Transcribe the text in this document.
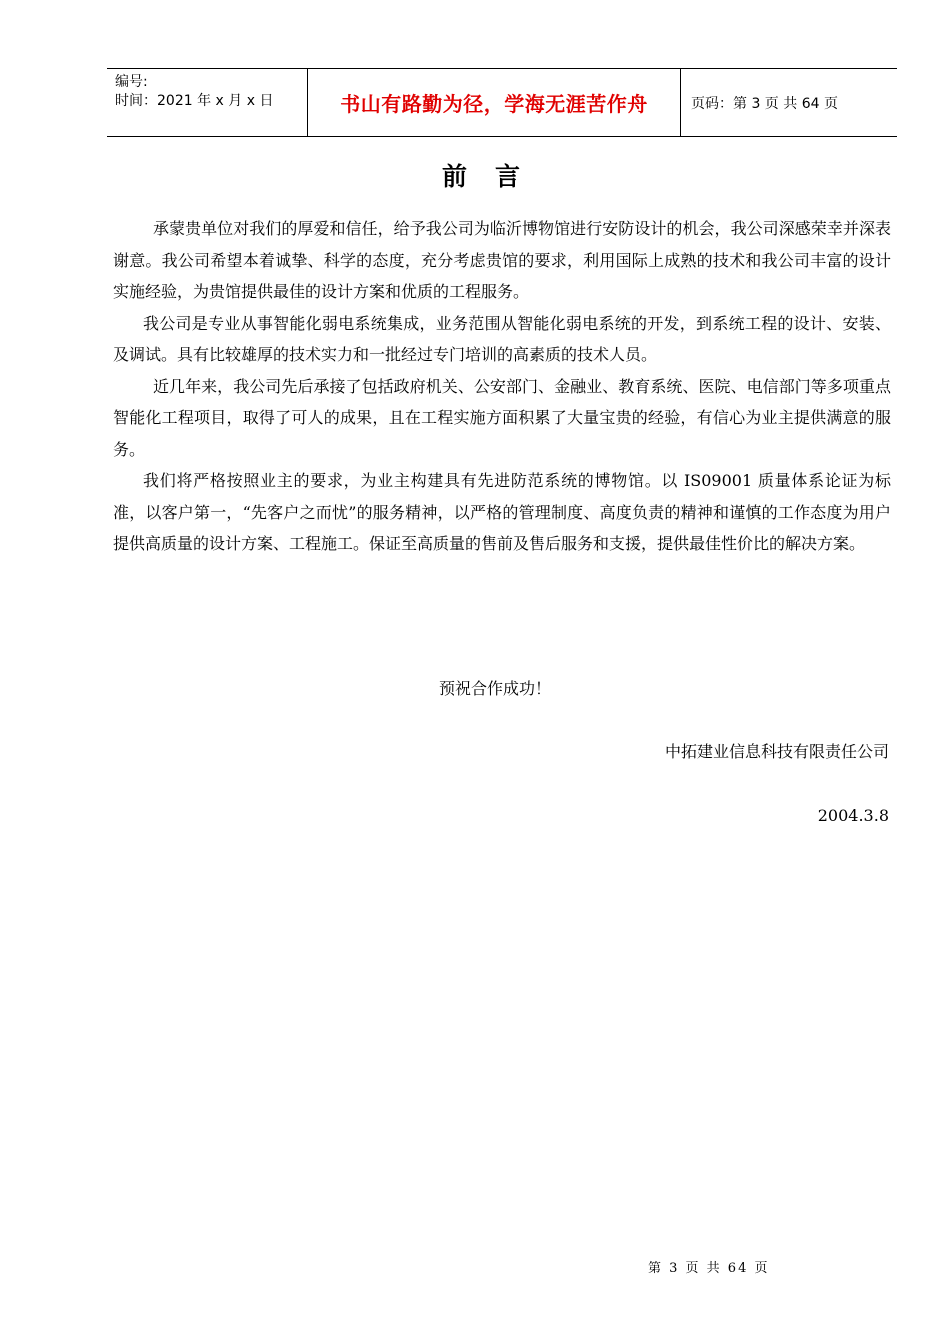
编号:
时间：2021 年 x 月 x 日	书山有路勤为径，学海无涯苦作舟	页码：第 3 页 共 64 页
前言

承蒙贵单位对我们的厚爱和信任，给予我公司为临沂博物馆进行安防设计的机会，我公司深感荣幸并深表谢意。我公司希望本着诚挚、科学的态度，充分考虑贵馆的要求，利用国际上成熟的技术和我公司丰富的设计实施经验，为贵馆提供最佳的设计方案和优质的工程服务。

我公司是专业从事智能化弱电系统集成，业务范围从智能化弱电系统的开发，到系统工程的设计、安装、及调试。具有比较雄厚的技术实力和一批经过专门培训的高素质的技术人员。

近几年来，我公司先后承接了包括政府机关、公安部门、金融业、教育系统、医院、电信部门等多项重点智能化工程项目，取得了可人的成果，且在工程实施方面积累了大量宝贵的经验，有信心为业主提供满意的服务。

我们将严格按照业主的要求，为业主构建具有先进防范系统的博物馆。以 IS09001 质量体系论证为标准，以客户第一，“先客户之而忧”的服务精神，以严格的管理制度、高度负责的精神和谨慎的工作态度为用户提供高质量的设计方案、工程施工。保证至高质量的售前及售后服务和支援，提供最佳性价比的解决方案。

预祝合作成功！
中拓建业信息科技有限责任公司
2004.3.8
第 3 页 共 64 页
